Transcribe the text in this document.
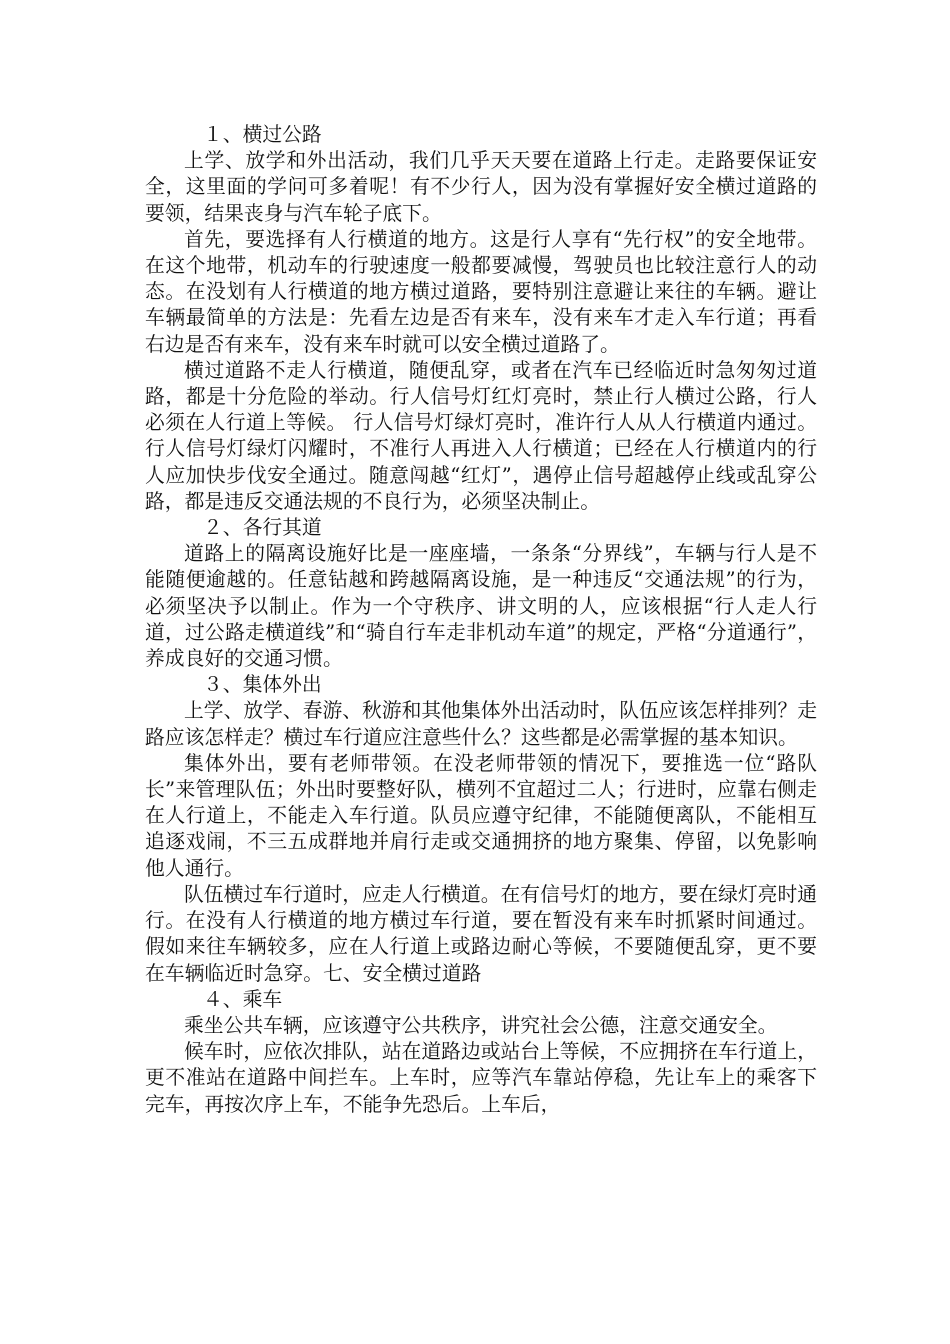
１、横过公路

上学、放学和外出活动，我们几乎天天要在道路上行走。走路要保证安全，这里面的学问可多着呢！有不少行人，因为没有掌握好安全横过道路的要领，结果丧身与汽车轮子底下。

首先，要选择有人行横道的地方。这是行人享有“先行权”的安全地带。在这个地带，机动车的行驶速度一般都要减慢，驾驶员也比较注意行人的动态。在没划有人行横道的地方横过道路，要特别注意避让来往的车辆。避让车辆最简单的方法是：先看左边是否有来车，没有来车才走入车行道；再看右边是否有来车，没有来车时就可以安全横过道路了。

横过道路不走人行横道，随便乱穿，或者在汽车已经临近时急匆匆过道路，都是十分危险的举动。行人信号灯红灯亮时，禁止行人横过公路，行人必须在人行道上等候。 行人信号灯绿灯亮时，准许行人从人行横道内通过。 行人信号灯绿灯闪耀时，不准行人再进入人行横道；已经在人行横道内的行人应加快步伐安全通过。随意闯越“红灯”，遇停止信号超越停止线或乱穿公路，都是违反交通法规的不良行为，必须坚决制止。

２、各行其道

道路上的隔离设施好比是一座座墙，一条条“分界线”，车辆与行人是不能随便逾越的。任意钻越和跨越隔离设施，是一种违反“交通法规”的行为，必须坚决予以制止。作为一个守秩序、讲文明的人，应该根据“行人走人行道，过公路走横道线”和“骑自行车走非机动车道”的规定，严格“分道通行”，养成良好的交通习惯。

３、集体外出

上学、放学、春游、秋游和其他集体外出活动时，队伍应该怎样排列？走路应该怎样走？横过车行道应注意些什么？这些都是必需掌握的基本知识。

集体外出，要有老师带领。在没老师带领的情况下，要推选一位“路队长”来管理队伍；外出时要整好队，横列不宜超过二人；行进时，应靠右侧走在人行道上，不能走入车行道。队员应遵守纪律，不能随便离队，不能相互追逐戏闹，不三五成群地并肩行走或交通拥挤的地方聚集、停留，以免影响他人通行。

队伍横过车行道时，应走人行横道。在有信号灯的地方，要在绿灯亮时通行。在没有人行横道的地方横过车行道，要在暂没有来车时抓紧时间通过。假如来往车辆较多，应在人行道上或路边耐心等候，不要随便乱穿，更不要在车辆临近时急穿。七、安全横过道路

４、乘车

乘坐公共车辆，应该遵守公共秩序，讲究社会公德，注意交通安全。

候车时，应依次排队，站在道路边或站台上等候，不应拥挤在车行道上，更不准站在道路中间拦车。上车时，应等汽车靠站停稳，先让车上的乘客下完车，再按次序上车，不能争先恐后。上车后，
